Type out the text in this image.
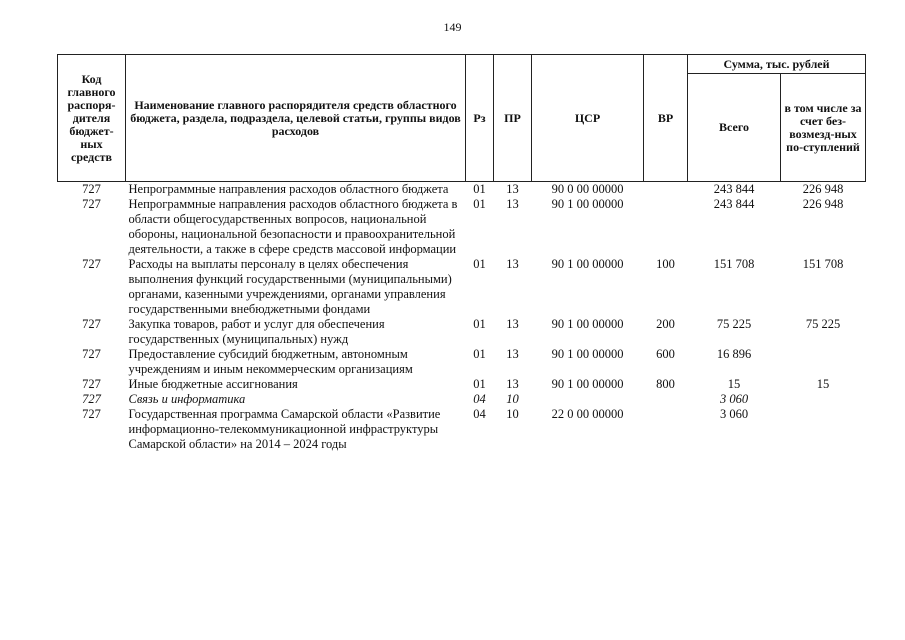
149
Код главного распоря-дителя бюджет-ных средств	Наименование главного распорядителя средств областного бюджета, раздела, подраздела, целевой статьи, группы видов расходов	Рз	ПР	ЦСР	ВР	Сумма, тыс. рублей	
						Всего	в том числе за счет без-возмезд-ных по-ступлений
727	Непрограммные направления расходов областного бюджета	01	13	90 0 00 00000		243 844	226 948
727	Непрограммные направления расходов областного бюджета в области общегосударственных вопросов, национальной обороны, национальной безопасности и правоохранительной деятельности, а также в сфере средств массовой информации	01	13	90 1 00 00000		243 844	226 948
727	Расходы на выплаты персоналу в целях обеспечения выполнения функций государственными (муниципальными) органами, казенными учреждениями, органами управления государственными внебюджетными фондами	01	13	90 1 00 00000	100	151 708	151 708
727	Закупка товаров, работ и услуг для обеспечения государственных (муниципальных) нужд	01	13	90 1 00 00000	200	75 225	75 225
727	Предоставление субсидий бюджетным, автономным учреждениям и иным некоммерческим организациям	01	13	90 1 00 00000	600	16 896	
727	Иные бюджетные ассигнования	01	13	90 1 00 00000	800	15	15
727	Связь и информатика	04	10			3 060	
727	Государственная программа Самарской области «Развитие информационно-телекоммуникационной инфраструктуры Самарской области» на 2014 – 2024 годы	04	10	22 0 00 00000		3 060	
